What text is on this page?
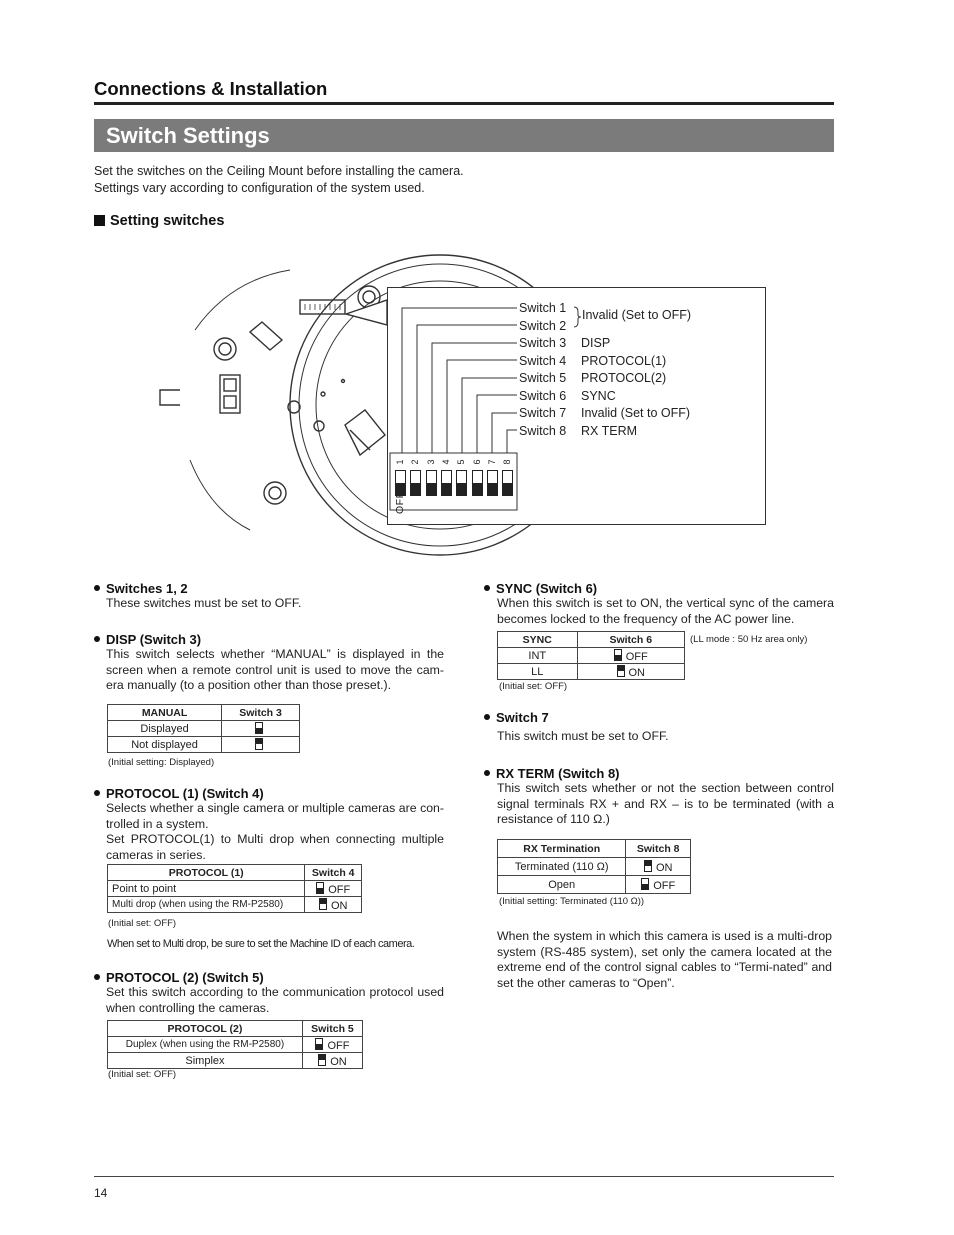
Connections & Installation
Switch Settings
Set the switches on the Ceiling Mount before installing the camera.
Settings vary according to configuration of the system used.
Setting switches
1 2 3 4 5 6 7 8
OFF
Switch 1
Switch 2
Switch 3 DISP
Switch 4 PROTOCOL(1)
Switch 5 PROTOCOL(2)
Switch 6 SYNC
Switch 7 Invalid (Set to OFF)
Switch 8 RX TERM
Invalid (Set to OFF)
Switches 1, 2
These switches must be set to OFF.
DISP (Switch 3)
This switch selects whether “MANUAL” is displayed in the screen when a remote control unit is used to move the cam-era manually (to a position other than those preset.).
MANUAL	Switch 3
Displayed	
Not displayed	
(Initial setting: Displayed)
PROTOCOL (1) (Switch 4)
Selects whether a single camera or multiple cameras are con-trolled in a system.
Set PROTOCOL(1) to Multi drop when connecting multiple cameras in series.
PROTOCOL (1)	Switch 4
Point to point	OFF
Multi drop (when using the RM-P2580)	ON
(Initial set: OFF)
When set to Multi drop, be sure to set the Machine ID of each camera.
PROTOCOL (2) (Switch 5)
Set this switch according to the communication protocol used when controlling the cameras.
PROTOCOL (2)	Switch 5
Duplex (when using the RM-P2580)	OFF
Simplex	ON
(Initial set: OFF)
SYNC (Switch 6)
When this switch is set to ON, the vertical sync of the camera becomes locked to the frequency of the AC power line.
SYNC	Switch 6
INT	OFF
LL	ON
(LL mode : 50 Hz area only)
(Initial set: OFF)
Switch 7
This switch must be set to OFF.
RX TERM (Switch 8)
This switch sets whether or not the section between control signal terminals RX + and RX – is to be terminated (with a resistance of 110 Ω.)
RX Termination	Switch 8
Terminated (110 Ω)	ON
Open	OFF
(Initial setting: Terminated (110 Ω))
When the system in which this camera is used is a multi-drop system (RS-485 system), set only the camera located at the extreme end of the control signal cables to “Termi-nated” and set the other cameras to “Open”.
14
